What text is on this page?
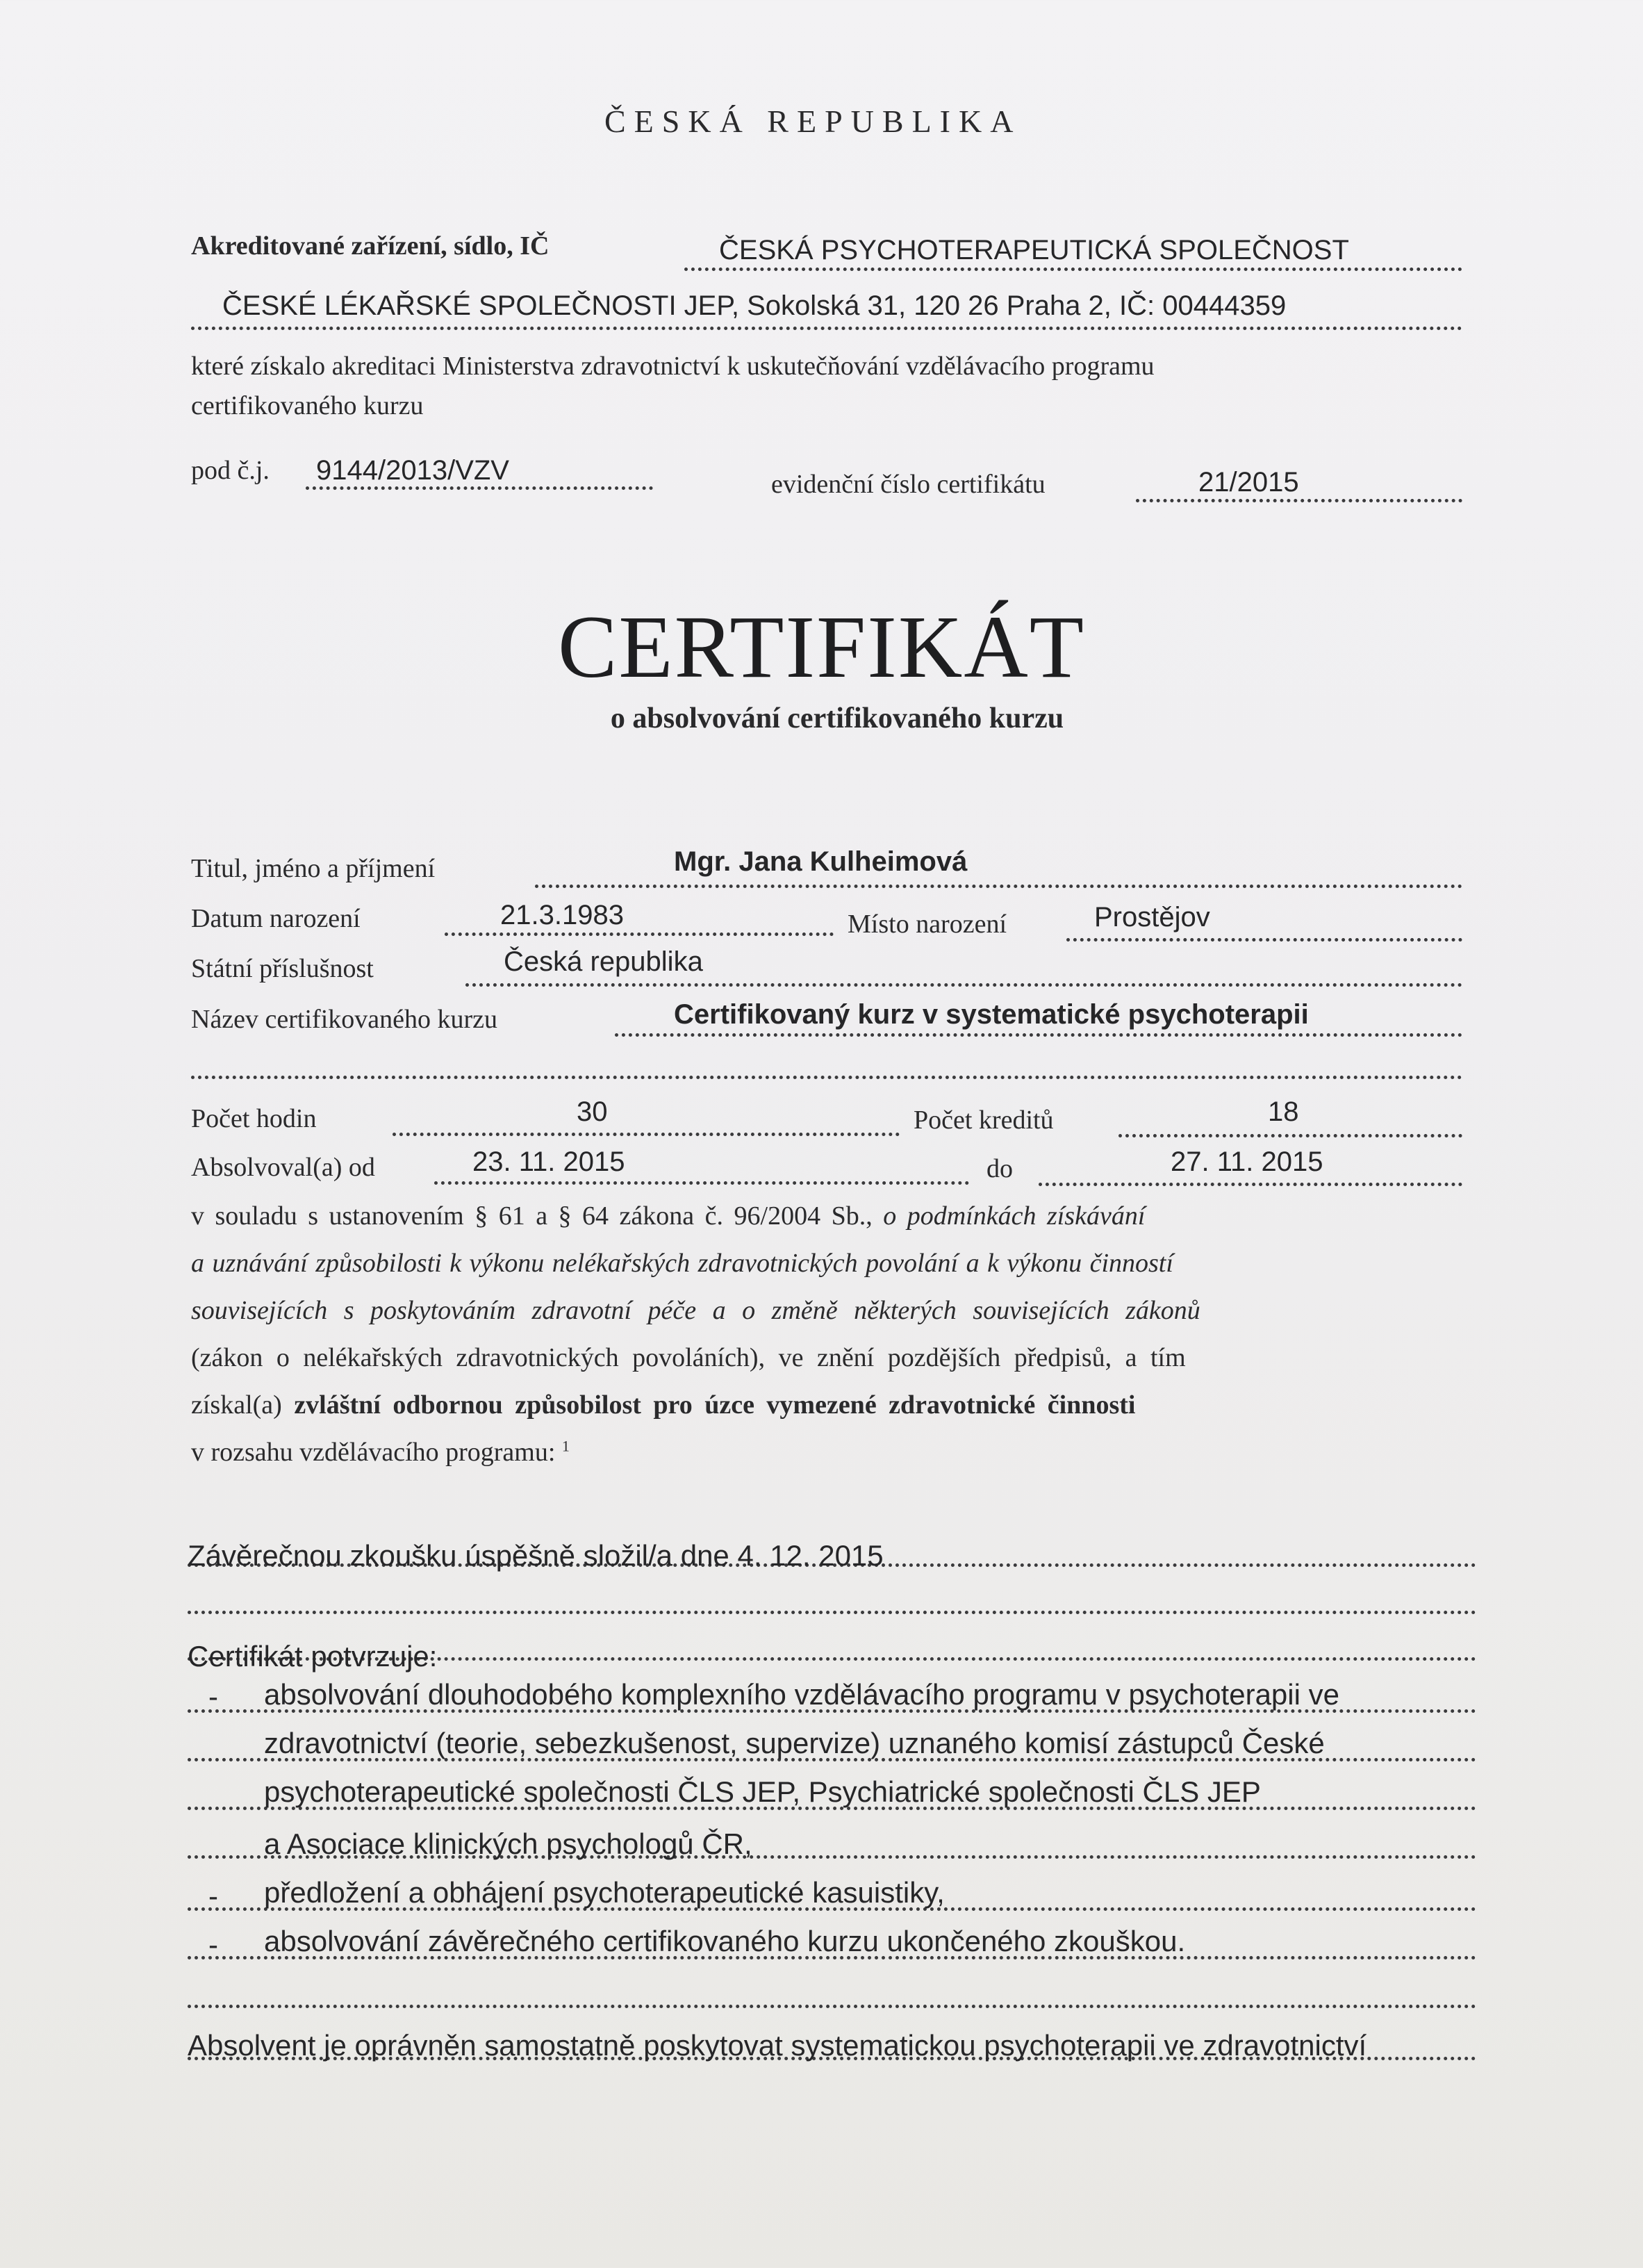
ČESKÁ REPUBLIKA
Akreditované zařízení, sídlo, IČ	ČESKÁ PSYCHOTERAPEUTICKÁ SPOLEČNOST
ČESKÉ LÉKAŘSKÉ SPOLEČNOSTI JEP, Sokolská 31, 120 26 Praha 2, IČ: 00444359
které získalo akreditaci Ministerstva zdravotnictví k uskutečňování vzdělávacího programu
certifikovaného kurzu
pod č.j. 9144/2013/VZV	evidenční číslo certifikátu	21/2015
CERTIFIKÁT
o absolvování certifikovaného kurzu
Titul, jméno a příjmení	Mgr. Jana Kulheimová
Datum narození	21.3.1983	Místo narození	Prostějov
Státní příslušnost	Česká republika
Název certifikovaného kurzu	Certifikovaný kurz v systematické psychoterapii
Počet hodin	30	Počet kreditů	18
Absolvoval(a) od	23. 11. 2015	do	27. 11. 2015
v souladu s ustanovením § 61 a § 64 zákona č. 96/2004 Sb., o podmínkách získávání
a uznávání způsobilosti k výkonu nelékařských zdravotnických povolání a k výkonu činností
souvisejících s poskytováním zdravotní péče a o změně některých souvisejících zákonů
(zákon o nelékařských zdravotnických povoláních), ve znění pozdějších předpisů, a tím
získal(a) zvláštní odbornou způsobilost pro úzce vymezené zdravotnické činnosti
v rozsahu vzdělávacího programu: $^1$
Závěrečnou zkoušku úspěšně složil/a dne 4. 12. 2015
Certifikát potvrzuje:
- absolvování dlouhodobého komplexního vzdělávacího programu v psychoterapii ve
zdravotnictví (teorie, sebezkušenost, supervize) uznaného komisí zástupců České
psychoterapeutické společnosti ČLS JEP, Psychiatrické společnosti ČLS JEP
a Asociace klinických psychologů ČR,
- předložení a obhájení psychoterapeutické kasuistiky,
- absolvování závěrečného certifikovaného kurzu ukončeného zkouškou.
Absolvent je oprávněn samostatně poskytovat systematickou psychoterapii ve zdravotnictví
